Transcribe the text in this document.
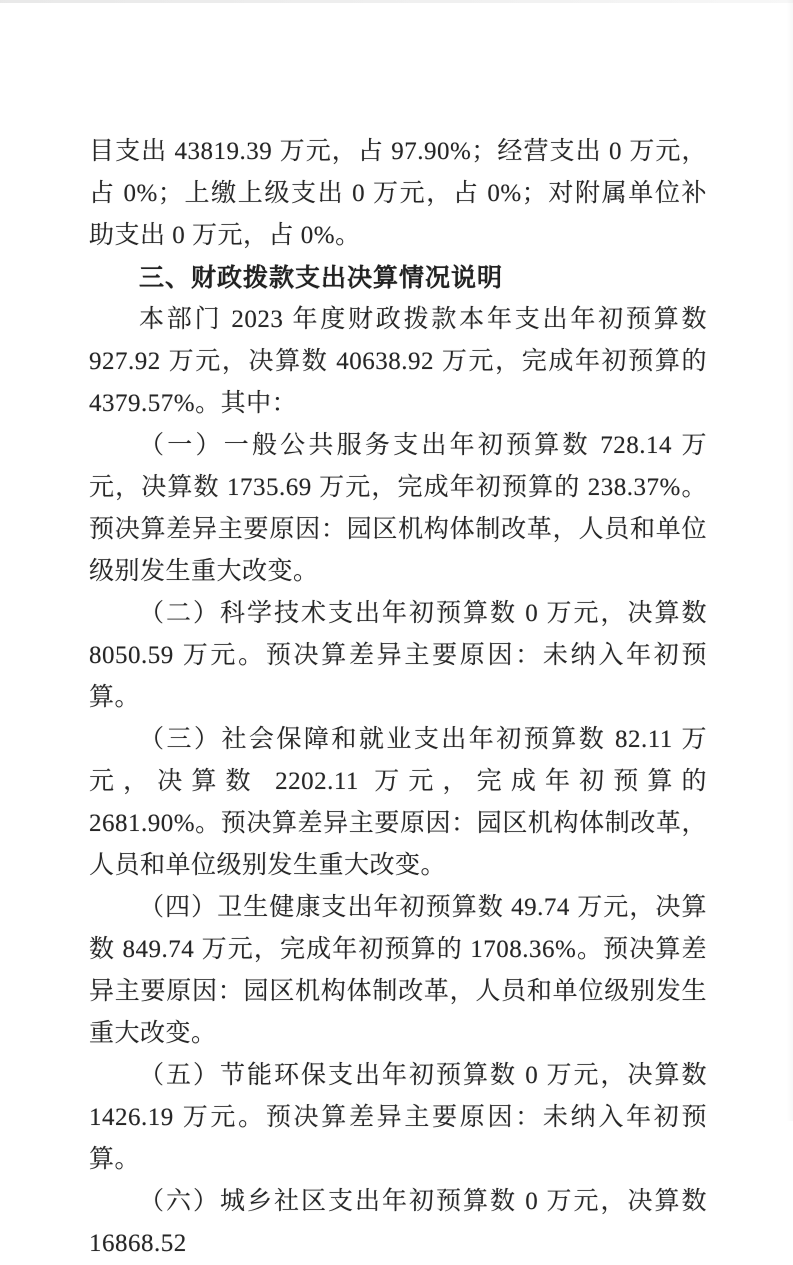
目支出 43819.39 万元，占 97.90%；经营支出 0 万元，占 0%；上缴上级支出 0 万元，占 0%；对附属单位补助支出 0 万元，占 0%。

三、财政拨款支出决算情况说明

本部门 2023 年度财政拨款本年支出年初预算数 927.92 万元，决算数 40638.92 万元，完成年初预算的 4379.57%。其中：

（一）一般公共服务支出年初预算数 728.14 万元，决算数 1735.69 万元，完成年初预算的 238.37%。预决算差异主要原因：园区机构体制改革，人员和单位级别发生重大改变。

（二）科学技术支出年初预算数 0 万元，决算数 8050.59 万元。预决算差异主要原因：未纳入年初预算。

（三）社会保障和就业支出年初预算数 82.11 万元，决算数 2202.11 万元，完成年初预算的 2681.90%。预决算差异主要原因：园区机构体制改革，人员和单位级别发生重大改变。

（四）卫生健康支出年初预算数 49.74 万元，决算数 849.74 万元，完成年初预算的 1708.36%。预决算差异主要原因：园区机构体制改革，人员和单位级别发生重大改变。

（五）节能环保支出年初预算数 0 万元，决算数 1426.19 万元。预决算差异主要原因：未纳入年初预算。

（六）城乡社区支出年初预算数 0 万元，决算数 16868.52
